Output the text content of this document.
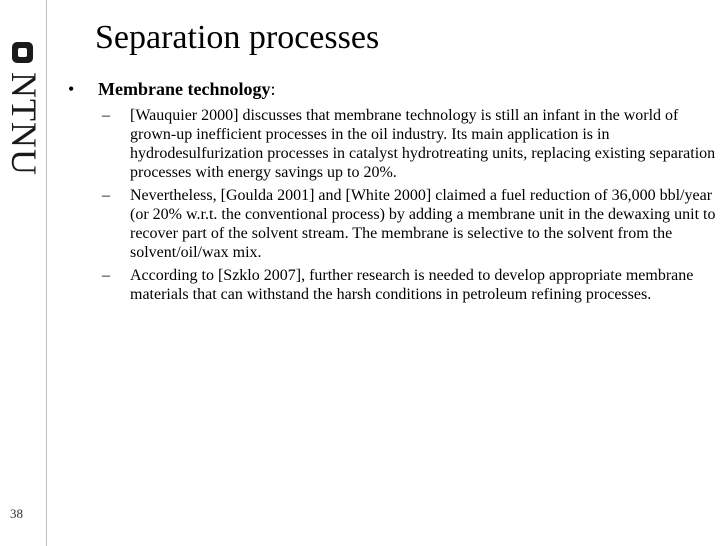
NTNU
38
Separation processes
•	Membrane technology:
–	[Wauquier 2000] discusses that membrane technology is still an infant in the world of grown-up inefficient processes in the oil industry. Its main application is in hydrodesulfurization processes in catalyst hydrotreating units, replacing existing separation processes with energy savings up to 20%.
–	Nevertheless, [Goulda 2001] and [White 2000] claimed a fuel reduction of 36,000 bbl/year (or 20% w.r.t. the conventional process) by adding a membrane unit in the dewaxing unit to recover part of the solvent stream. The membrane is selective to the solvent from the solvent/oil/wax mix.
–	According to [Szklo 2007], further research is needed to develop appropriate membrane materials that can withstand the harsh conditions in petroleum refining processes.
